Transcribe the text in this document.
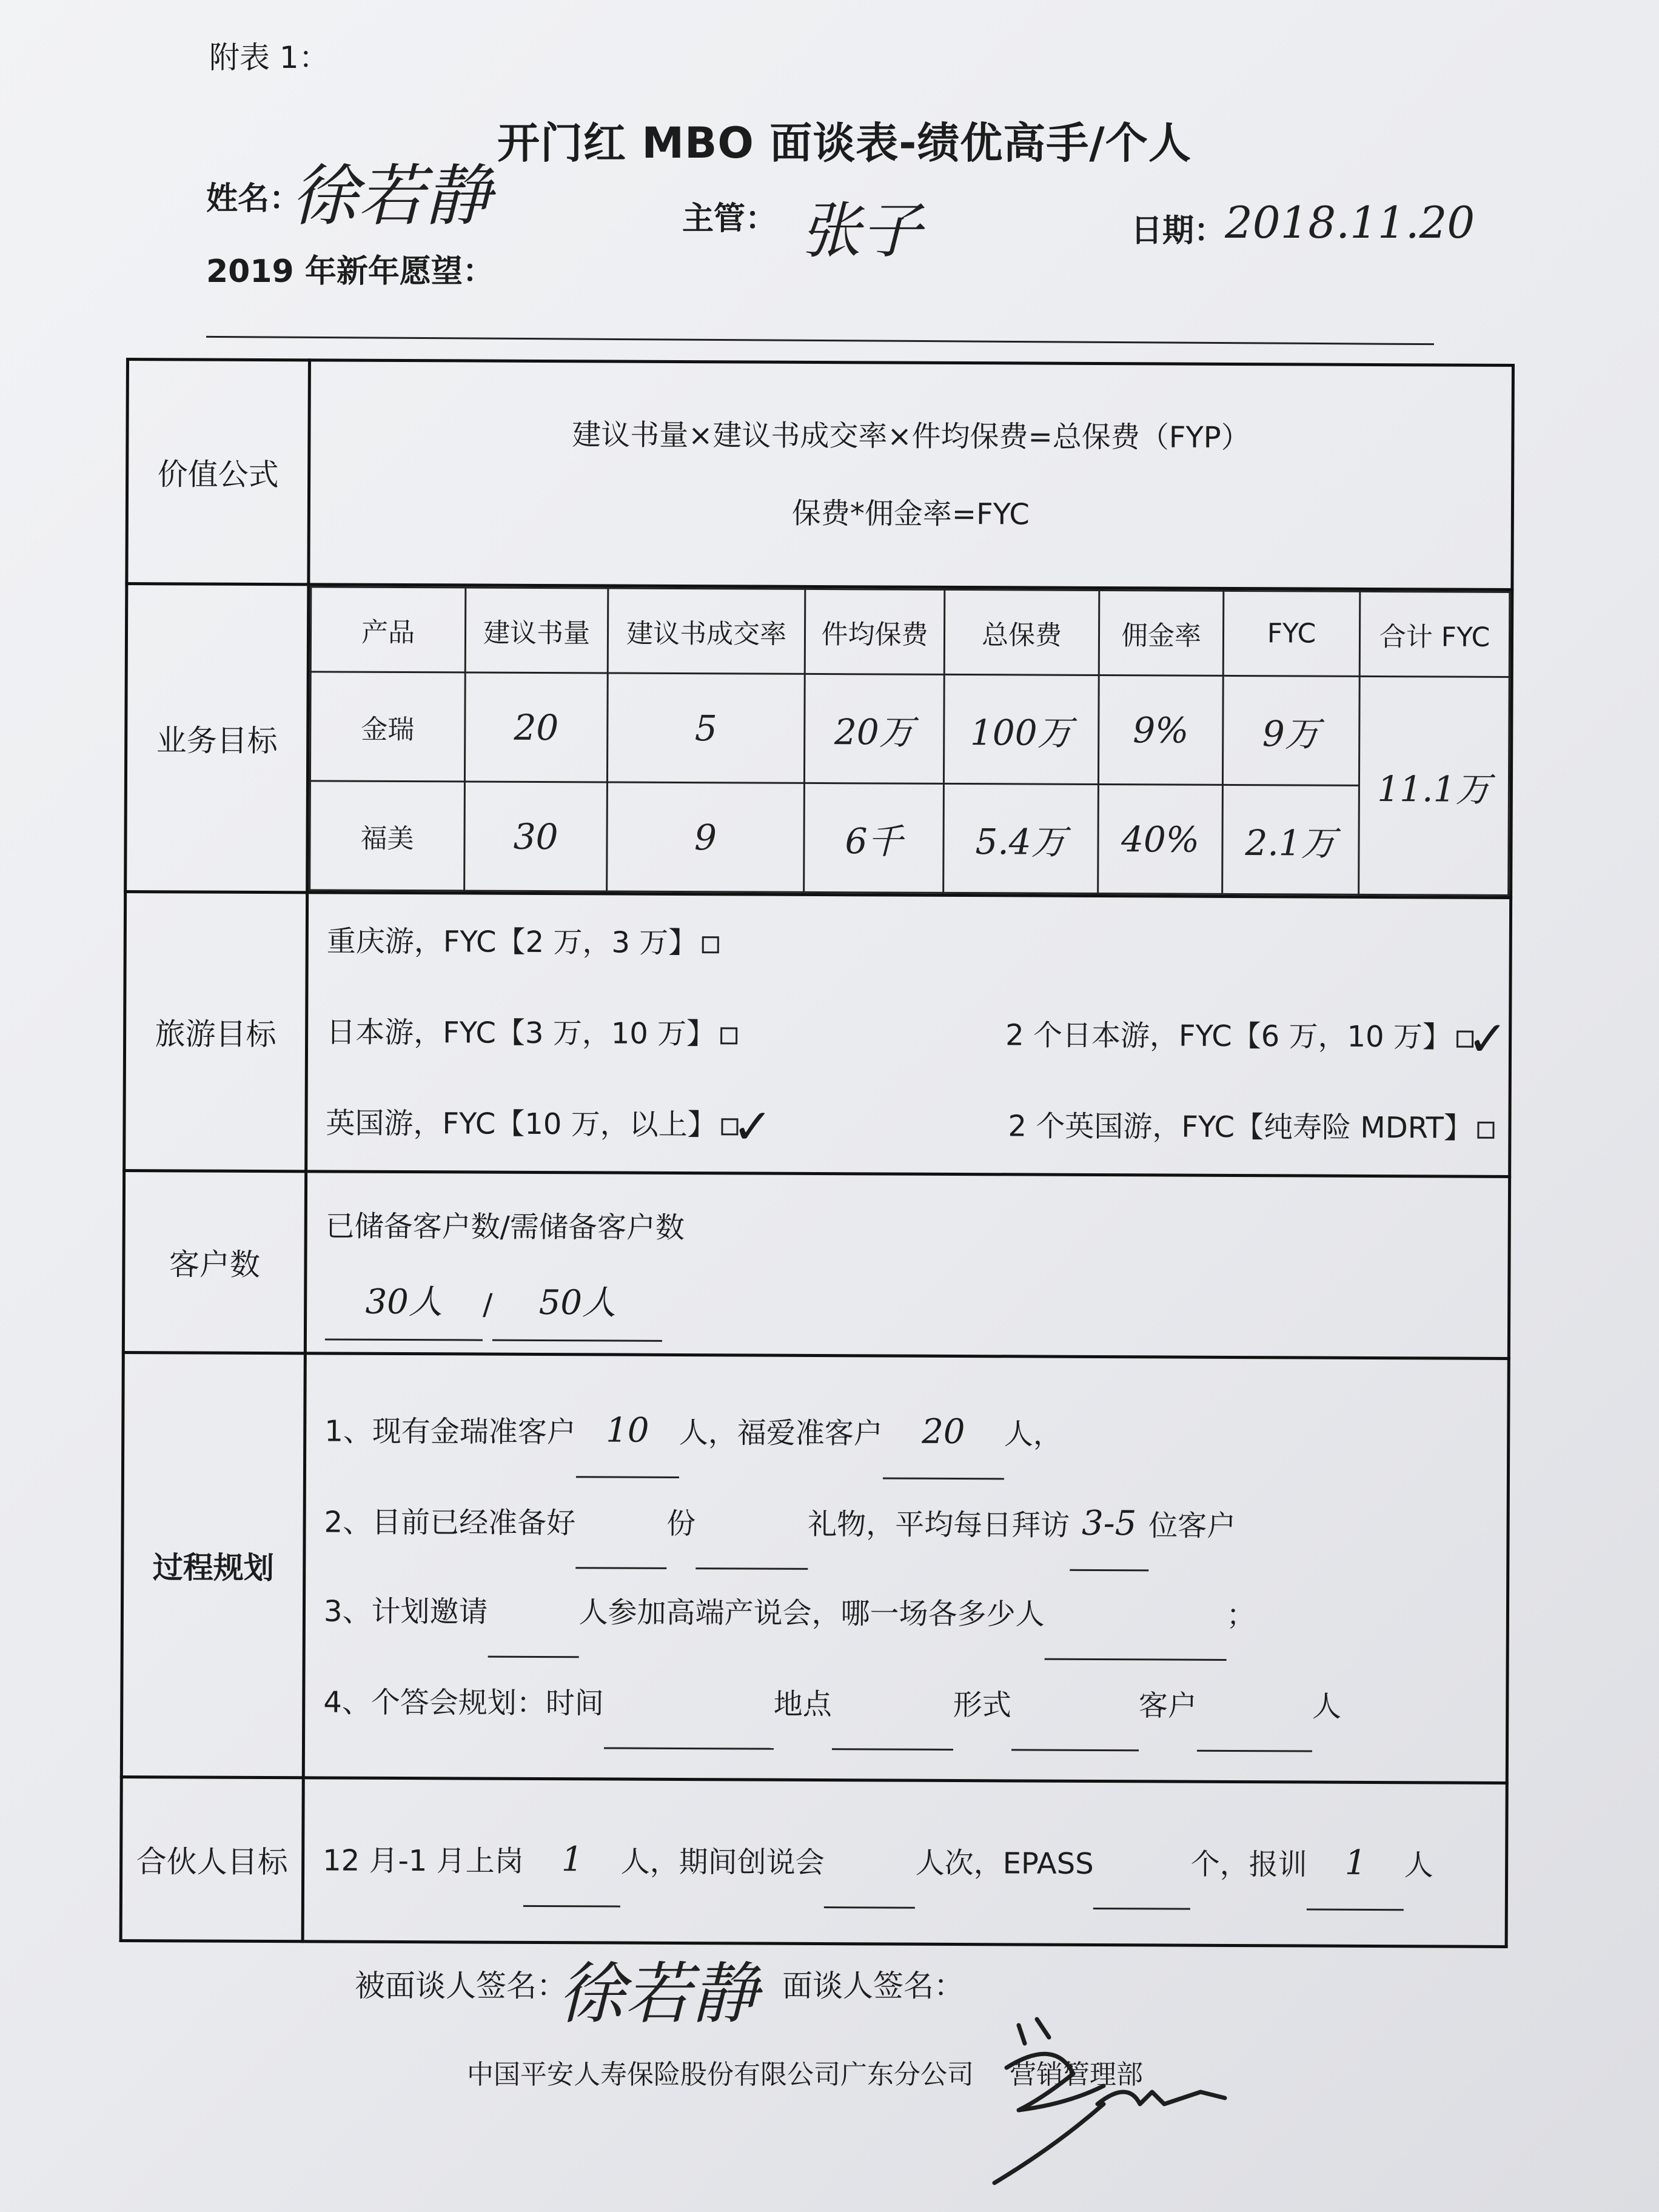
附表 1：
开门红 MBO 面谈表-绩优高手/个人
姓名：
徐若静	主管： 张子	日期：
2018.11.20
2019 年新年愿望：
价值公式	
建议书量×建议书成交率×件均保费=总保费（FYP）
保费*佣金率=FYC

业务目标	
产品	建议书量	建议书成交率	件均保费	总保费	佣金率	FYC	合计 FYC
金瑞	20	5	20万	100万	9%	9万	11.1万
福美	30	9	6千	5.4万	40%	2.1万

旅游目标	
重庆游，FYC【2 万，3 万】
日本游，FYC【3 万，10 万】	2 个日本游，FYC【6 万，10 万】 ✓
英国游，FYC【10 万，以上】 ✓	2 个英国游，FYC【纯寿险 MDRT】

客户数	
已储备客户数/需储备客户数
30人 / 50人

过程规划	
1、现有金瑞准客户 10 人，福爱准客户 20 人，
2、目前已经准备好	份	礼物，平均每日拜访 3-5 位客户
3、计划邀请	人参加高端产说会，哪一场各多少人	；
4、个答会规划：时间	地点	形式	客户	人

合伙人目标	12 月-1 月上岗 1 人，期间创说会	人次，EPASS	个，报训 1 人
被面谈人签名：
徐若静 面谈人签名：
中国平安人寿保险股份有限公司广东分公司 营销管理部
